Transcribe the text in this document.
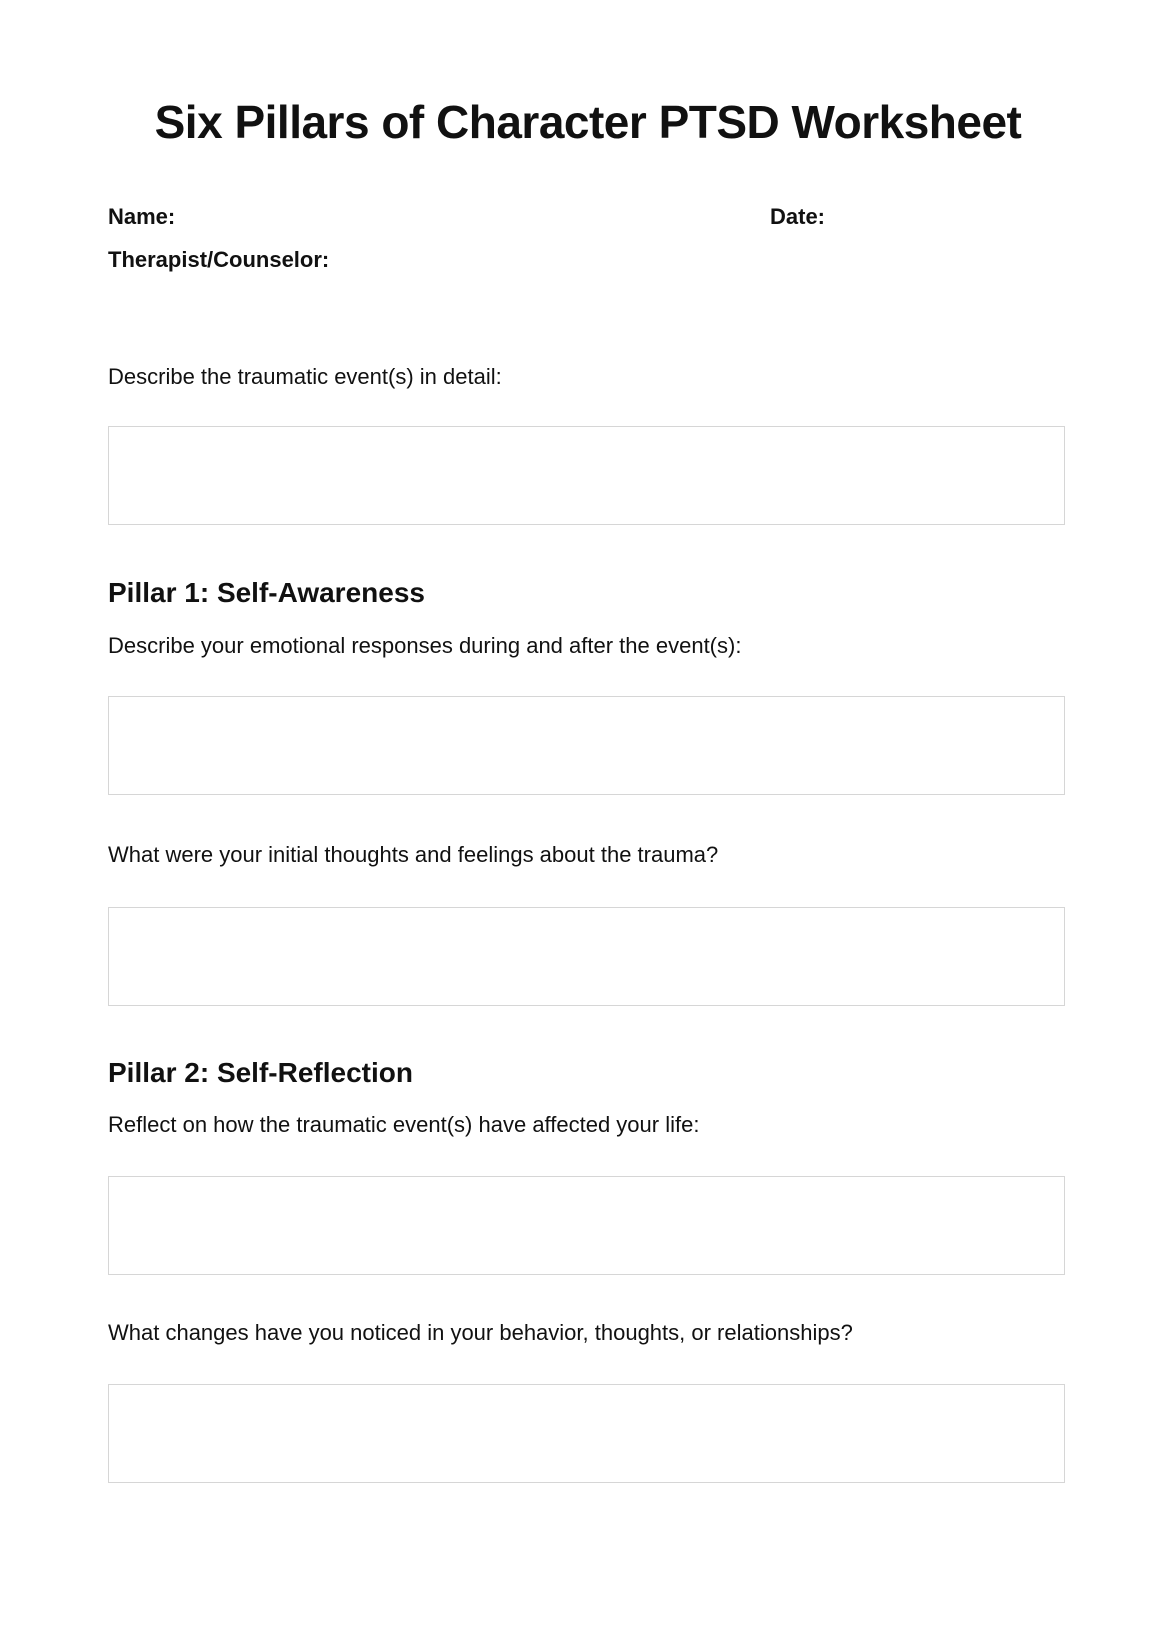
Six Pillars of Character PTSD Worksheet
Name:	Date:
Therapist/Counselor:

Describe the traumatic event(s) in detail:

Pillar 1: Self-Awareness

Describe your emotional responses during and after the event(s):

What were your initial thoughts and feelings about the trauma?

Pillar 2: Self-Reflection

Reflect on how the traumatic event(s) have affected your life:

What changes have you noticed in your behavior, thoughts, or relationships?
